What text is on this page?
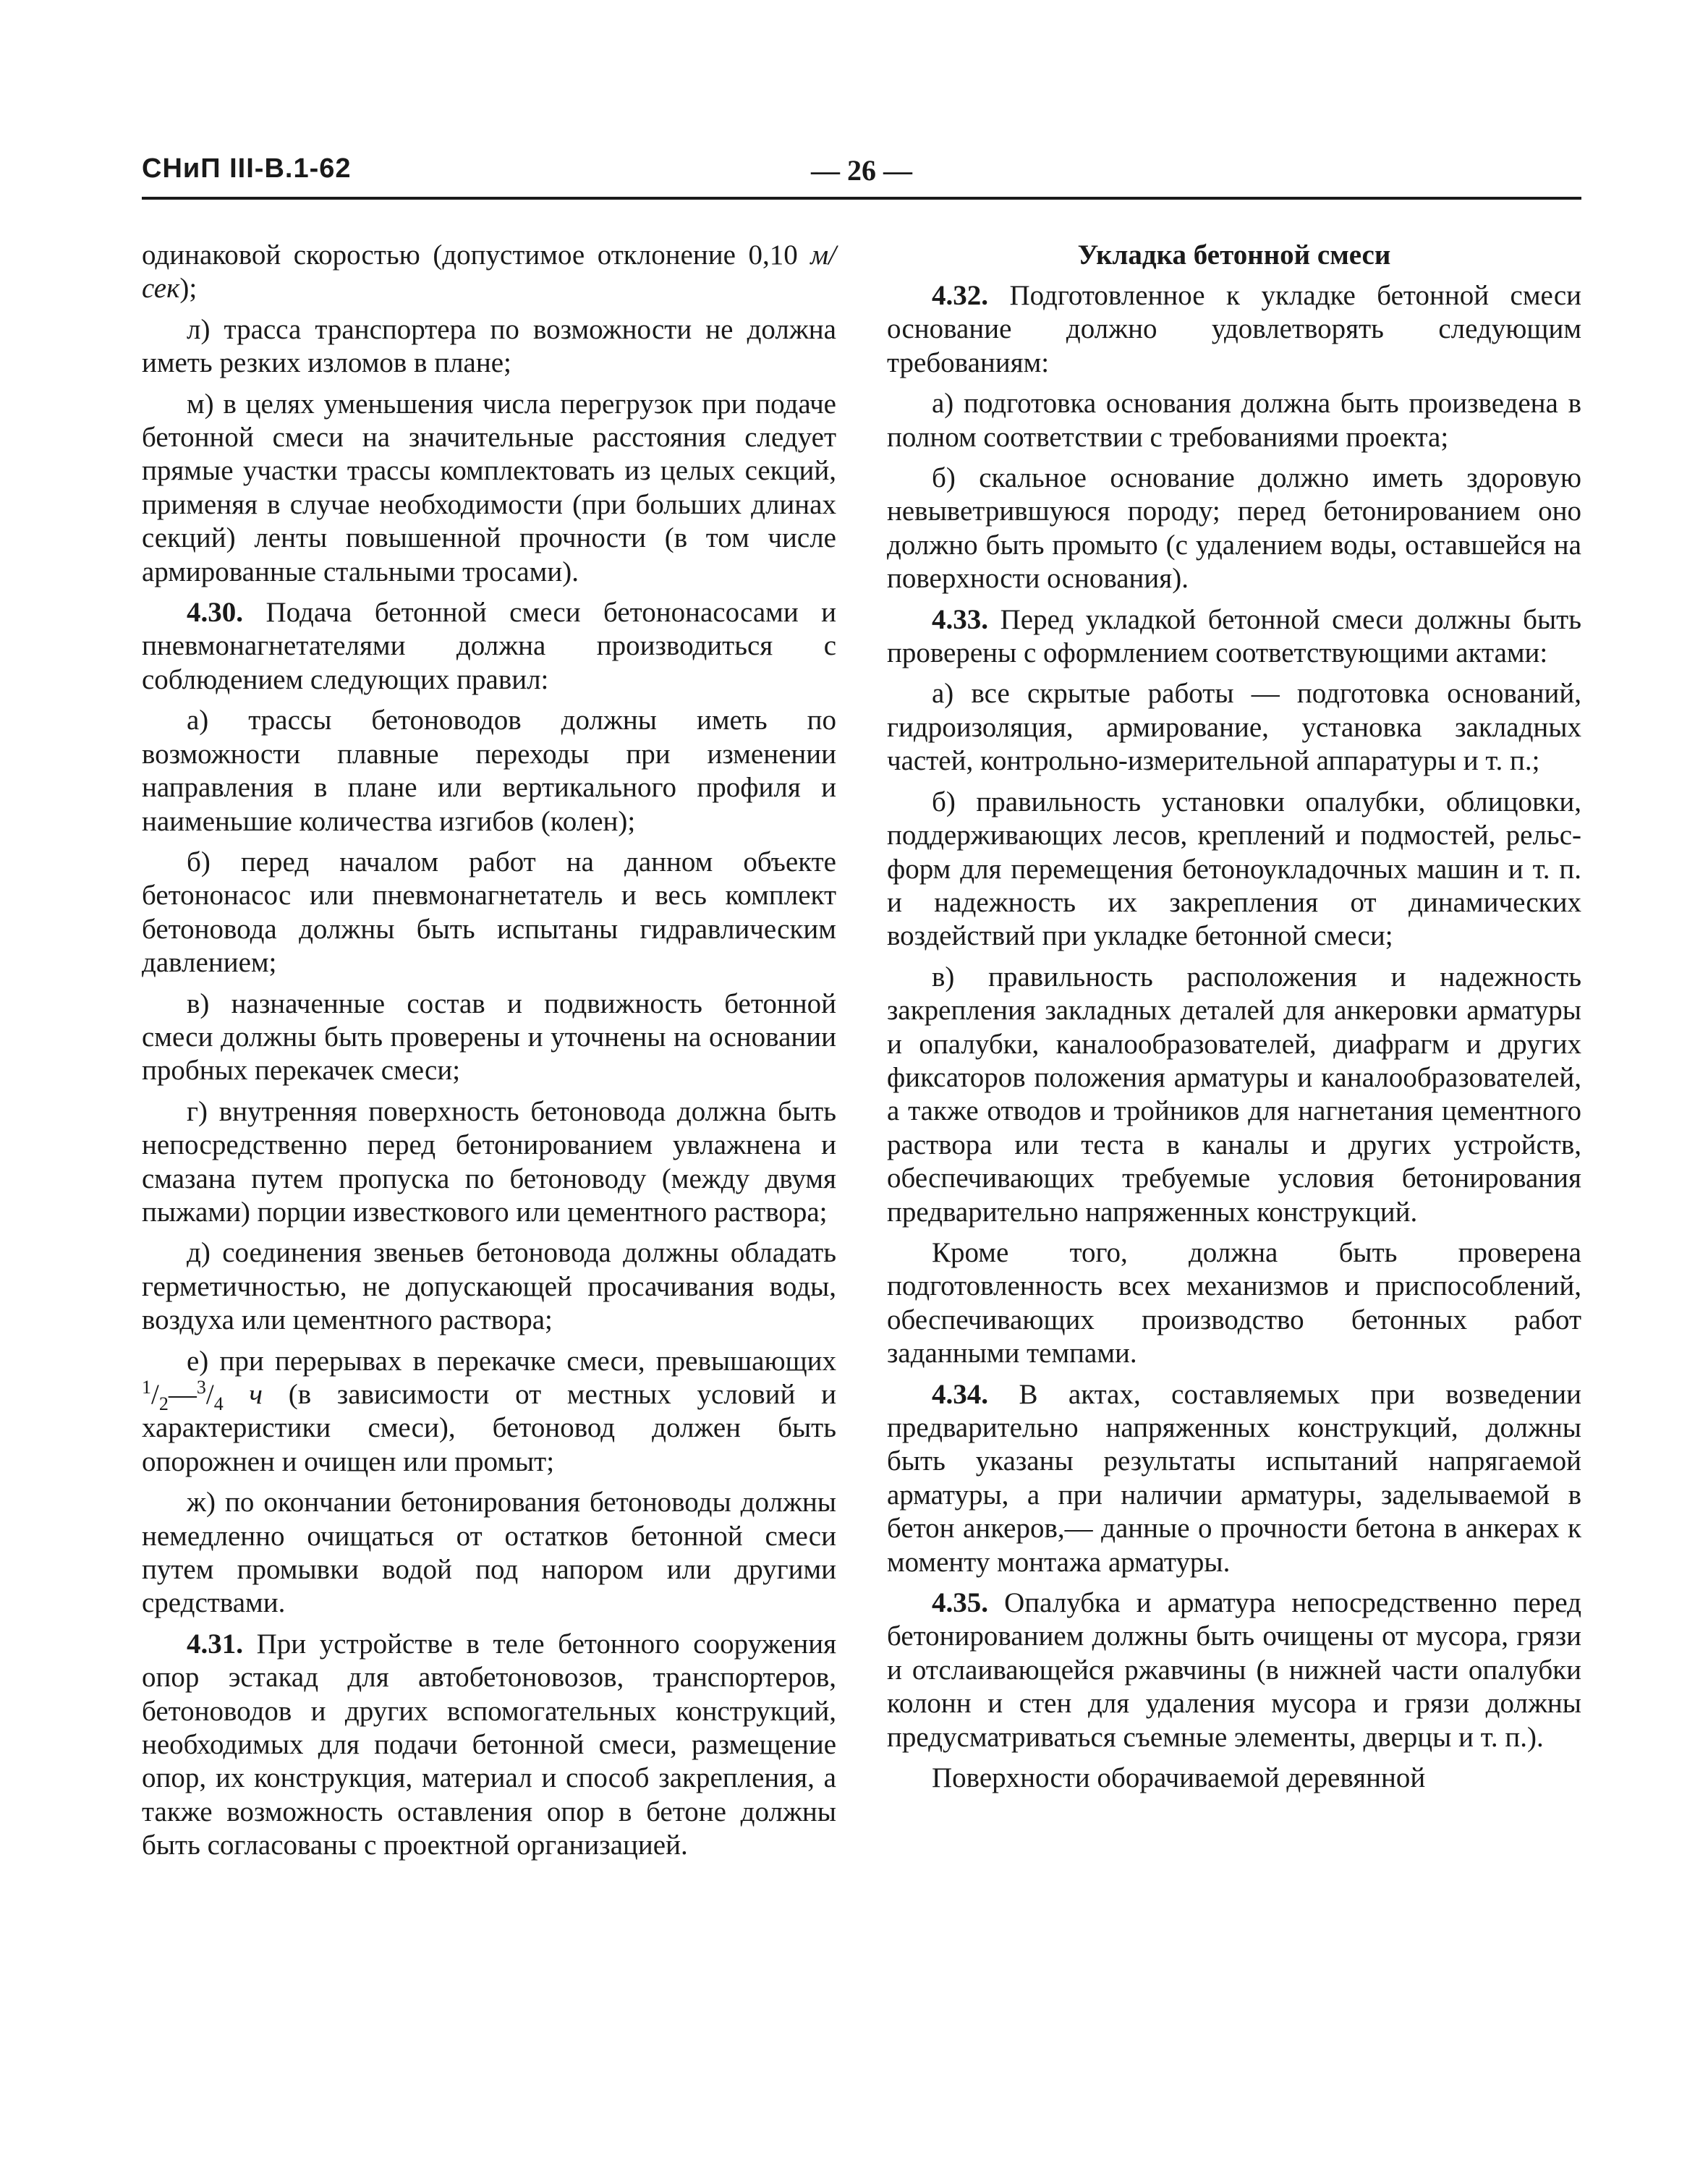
СНиП III-В.1-62	— 26 —

одинаковой скоростью (допустимое отклонение 0,10 м/сек);

л) трасса транспортера по возможности не должна иметь резких изломов в плане;

м) в целях уменьшения числа перегрузок при подаче бетонной смеси на значительные расстояния следует прямые участки трассы комплектовать из целых секций, применяя в случае необходимости (при больших длинах секций) ленты повышенной прочности (в том числе армированные стальными тросами).

4.30. Подача бетонной смеси бетононасосами и пневмонагнетателями должна производиться с соблюдением следующих правил:

а) трассы бетоноводов должны иметь по возможности плавные переходы при изменении направления в плане или вертикального профиля и наименьшие количества изгибов (колен);

б) перед началом работ на данном объекте бетононасос или пневмонагнетатель и весь комплект бетоновода должны быть испытаны гидравлическим давлением;

в) назначенные состав и подвижность бетонной смеси должны быть проверены и уточнены на основании пробных перекачек смеси;

г) внутренняя поверхность бетоновода должна быть непосредственно перед бетонированием увлажнена и смазана путем пропуска по бетоноводу (между двумя пыжами) порции известкового или цементного раствора;

д) соединения звеньев бетоновода должны обладать герметичностью, не допускающей просачивания воды, воздуха или цементного раствора;

е) при перерывах в перекачке смеси, превышающих $^1/_2—^3/_4$ ч (в зависимости от местных условий и характеристики смеси), бетоновод должен быть опорожнен и очищен или промыт;

ж) по окончании бетонирования бетоноводы должны немедленно очищаться от остатков бетонной смеси путем промывки водой под напором или другими средствами.

4.31. При устройстве в теле бетонного сооружения опор эстакад для автобетоновозов, транспортеров, бетоноводов и других вспомогательных конструкций, необходимых для подачи бетонной смеси, размещение опор, их конструкция, материал и способ закрепления, а также возможность оставления опор в бетоне должны быть согласованы с проектной организацией.

Укладка бетонной смеси

4.32. Подготовленное к укладке бетонной смеси основание должно удовлетворять следующим требованиям:

а) подготовка основания должна быть произведена в полном соответствии с требованиями проекта;

б) скальное основание должно иметь здоровую невыветрившуюся породу; перед бетонированием оно должно быть промыто (с удалением воды, оставшейся на поверхности основания).

4.33. Перед укладкой бетонной смеси должны быть проверены с оформлением соответствующими актами:

а) все скрытые работы — подготовка оснований, гидроизоляция, армирование, установка закладных частей, контрольно-измерительной аппаратуры и т. п.;

б) правильность установки опалубки, облицовки, поддерживающих лесов, креплений и подмостей, рельс-форм для перемещения бетоноукладочных машин и т. п. и надежность их закрепления от динамических воздействий при укладке бетонной смеси;

в) правильность расположения и надежность закрепления закладных деталей для анкеровки арматуры и опалубки, каналообразователей, диафрагм и других фиксаторов положения арматуры и каналообразователей, а также отводов и тройников для нагнетания цементного раствора или теста в каналы и других устройств, обеспечивающих требуемые условия бетонирования предварительно напряженных конструкций.

Кроме того, должна быть проверена подготовленность всех механизмов и приспособлений, обеспечивающих производство бетонных работ заданными темпами.

4.34. В актах, составляемых при возведении предварительно напряженных конструкций, должны быть указаны результаты испытаний напрягаемой арматуры, а при наличии арматуры, заделываемой в бетон анкеров,— данные о прочности бетона в анкерах к моменту монтажа арматуры.

4.35. Опалубка и арматура непосредственно перед бетонированием должны быть очищены от мусора, грязи и отслаивающейся ржавчины (в нижней части опалубки колонн и стен для удаления мусора и грязи должны предусматриваться съемные элементы, дверцы и т. п.).

Поверхности оборачиваемой деревянной
